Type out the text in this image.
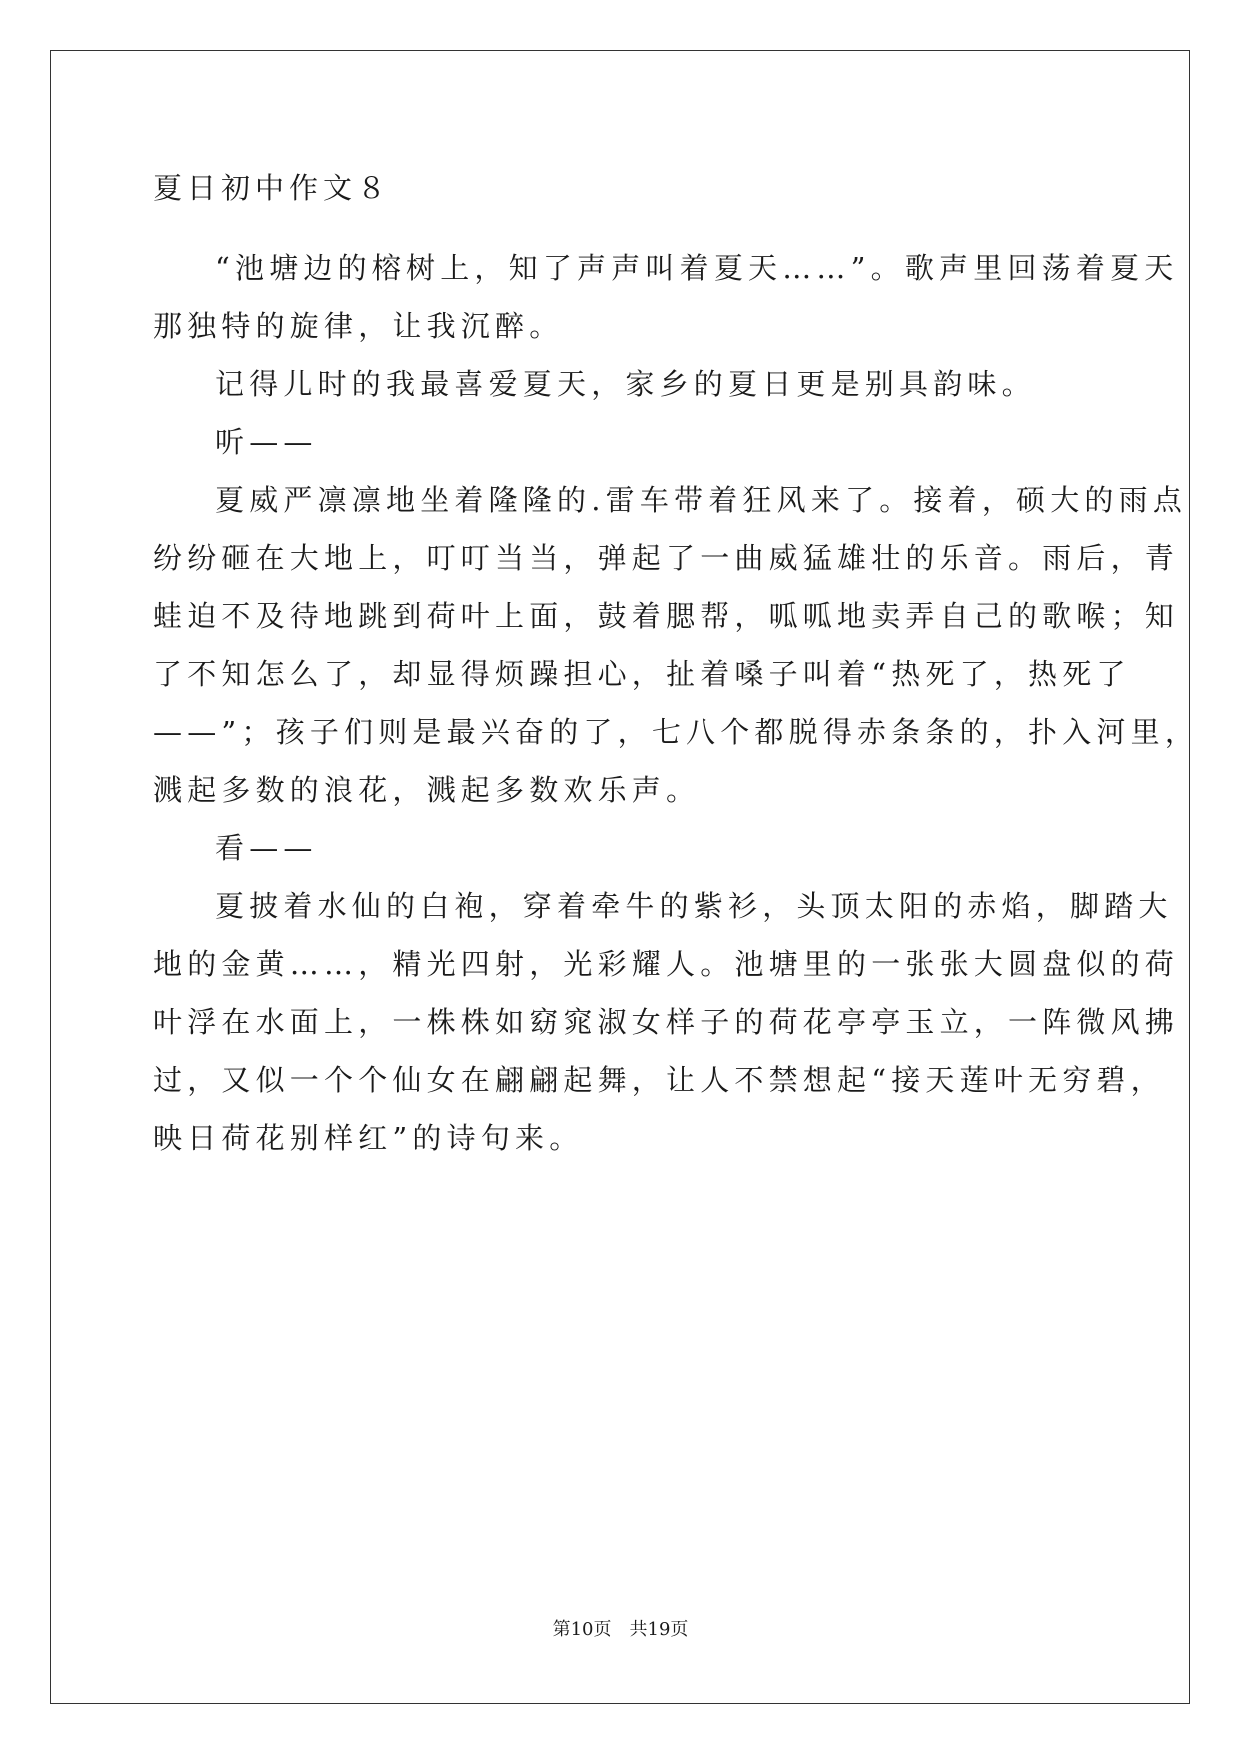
夏日初中作文８
“池塘边的榕树上，知了声声叫着夏天……”。歌声里回荡着夏天
那独特的旋律，让我沉醉。
记得儿时的我最喜爱夏天，家乡的夏日更是别具韵味。
听——
夏威严凛凛地坐着隆隆的.雷车带着狂风来了。接着，硕大的雨点
纷纷砸在大地上，叮叮当当，弹起了一曲威猛雄壮的乐音。雨后，青
蛙迫不及待地跳到荷叶上面，鼓着腮帮，呱呱地卖弄自己的歌喉；知
了不知怎么了，却显得烦躁担心，扯着嗓子叫着“热死了，热死了
——”；孩子们则是最兴奋的了，七八个都脱得赤条条的，扑入河里，
溅起多数的浪花，溅起多数欢乐声。
看——
夏披着水仙的白袍，穿着牵牛的紫衫，头顶太阳的赤焰，脚踏大
地的金黄……，精光四射，光彩耀人。池塘里的一张张大圆盘似的荷
叶浮在水面上，一株株如窈窕淑女样子的荷花亭亭玉立，一阵微风拂
过，又似一个个仙女在翩翩起舞，让人不禁想起“接天莲叶无穷碧，
映日荷花别样红”的诗句来。
第10页　共19页
